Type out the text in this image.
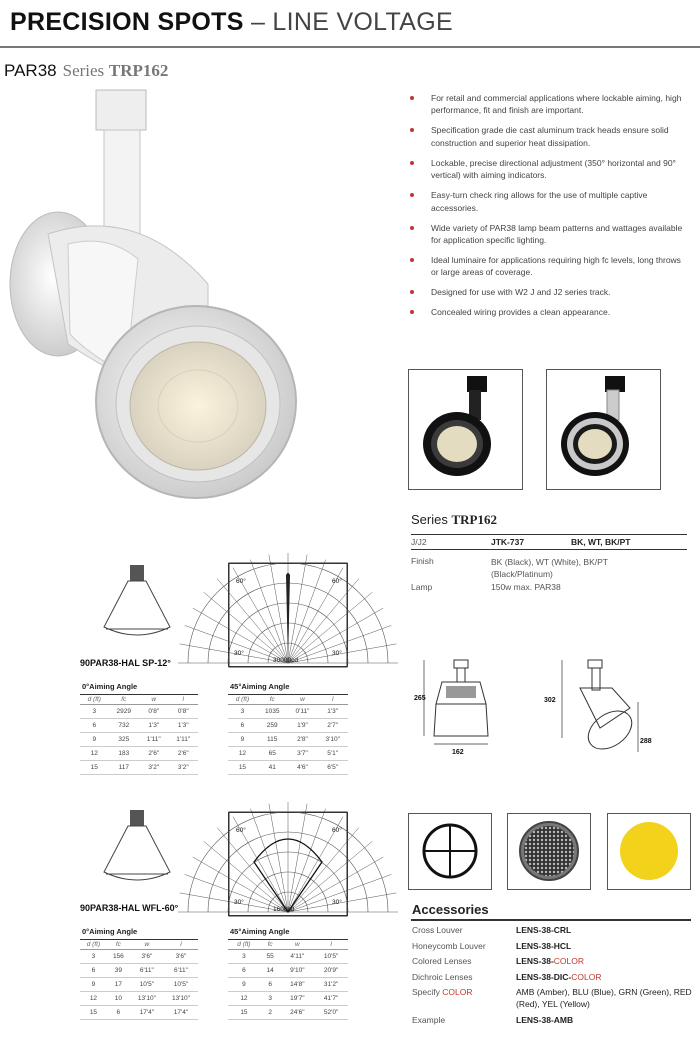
PRECISION SPOTS – LINE VOLTAGE
PAR38 Series TRP162
For retail and commercial applications where lockable aiming, high performance, fit and finish are important.
Specification grade die cast aluminum track heads ensure solid construction and superior heat dissipation.
Lockable, precise directional adjustment (350° horizontal and 90° vertical) with aiming indicators.
Easy-turn check ring allows for the use of multiple captive accessories.
Wide variety of PAR38 lamp beam patterns and wattages available for application specific lighting.
Ideal luminaire for applications requiring high fc levels, long throws or large areas of coverage.
Designed for use with W2 J and J2 series track.
Concealed wiring provides a clean appearance.
Series TRP162
J/J2	JTK-737	BK, WT, BK/PT
Finish	BK (Black), WT (White), BK/PT (Black/Platinum)
Lamp	150w max. PAR38
265
162
302
288
90PAR38-HAL SP-12°
60°	60°
30°	30°
30000cd
0°Aiming Angle
d (ft)	fc	w	l
3	2929	0'8"	0'8"
6	732	1'3"	1'3"
9	325	1'11"	1'11"
12	183	2'6"	2'6"
15	117	3'2"	3'2"
45°Aiming Angle
d (ft)	fc	w	l
3	1035	0'11"	1'3"
6	259	1'9"	2'7"
9	115	2'8"	3'10"
12	65	3'7"	5'1"
15	41	4'6"	6'5"
90PAR38-HAL WFL-60°
60°	60°
30°	30°
1600cd
0°Aiming Angle
d (ft)	fc	w	l
3	156	3'6"	3'6"
6	39	6'11"	6'11"
9	17	10'5"	10'5"
12	10	13'10"	13'10"
15	6	17'4"	17'4"
45°Aiming Angle
d (ft)	fc	w	l
3	55	4'11"	10'5"
6	14	9'10"	20'9"
9	6	14'8"	31'2"
12	3	19'7"	41'7"
15	2	24'6"	52'0"
Accessories
Cross Louver	LENS-38-CRL
Honeycomb Louver	LENS-38-HCL
Colored Lenses	LENS-38-COLOR
Dichroic Lenses	LENS-38-DIC-COLOR
Specify COLOR	AMB (Amber), BLU (Blue), GRN (Green), RED (Red), YEL (Yellow)
Example	LENS-38-AMB
